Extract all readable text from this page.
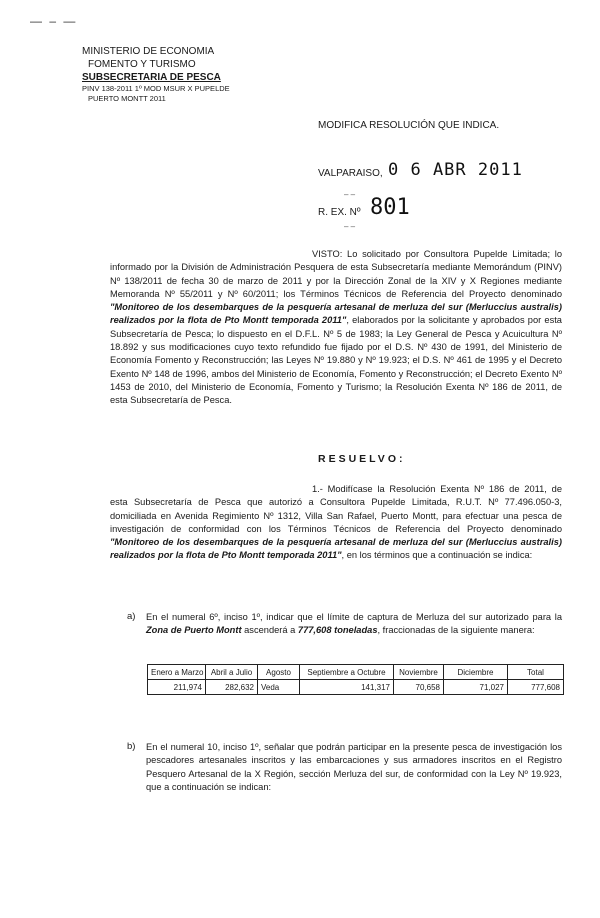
— – —
MINISTERIO DE ECONOMIA
FOMENTO Y TURISMO
SUBSECRETARIA DE PESCA
PINV 138-2011 1º MOD MSUR X PUPELDE
PUERTO MONTT 2011
MODIFICA RESOLUCIÓN QUE INDICA.
VALPARAISO, 0 6 ABR 2011
– –
R. EX. Nº 801
– –

VISTO: Lo solicitado por Consultora Pupelde Limitada; lo informado por la División de Administración Pesquera de esta Subsecretaría mediante Memorándum (PINV) Nº 138/2011 de fecha 30 de marzo de 2011 y por la Dirección Zonal de la XIV y X Regiones mediante Memoranda Nº 55/2011 y Nº 60/2011; los Términos Técnicos de Referencia del Proyecto denominado "Monitoreo de los desembarques de la pesquería artesanal de merluza del sur (Merluccius australis) realizados por la flota de Pto Montt temporada 2011", elaborados por la solicitante y aprobados por esta Subsecretaría de Pesca; lo dispuesto en el D.F.L. Nº 5 de 1983; la Ley General de Pesca y Acuicultura Nº 18.892 y sus modificaciones cuyo texto refundido fue fijado por el D.S. Nº 430 de 1991, del Ministerio de Economía Fomento y Reconstrucción; las Leyes Nº 19.880 y Nº 19.923; el D.S. Nº 461 de 1995 y el Decreto Exento Nº 148 de 1996, ambos del Ministerio de Economía, Fomento y Reconstrucción; el Decreto Exento Nº 1453 de 2010, del Ministerio de Economía, Fomento y Turismo; la Resolución Exenta Nº 186 de 2011, de esta Subsecretaría de Pesca.

RESUELVO:

1.- Modifícase la Resolución Exenta Nº 186 de 2011, de esta Subsecretaría de Pesca que autorizó a Consultora Pupelde Limitada, R.U.T. Nº 77.496.050-3, domiciliada en Avenida Regimiento Nº 1312, Villa San Rafael, Puerto Montt, para efectuar una pesca de investigación de conformidad con los Términos Técnicos de Referencia del Proyecto denominado "Monitoreo de los desembarques de la pesquería artesanal de merluza del sur (Merluccius australis) realizados por la flota de Pto Montt temporada 2011", en los términos que a continuación se indica:

a) En el numeral 6º, inciso 1º, indicar que el límite de captura de Merluza del sur autorizado para la Zona de Puerto Montt ascenderá a 777,608 toneladas, fraccionadas de la siguiente manera:

Enero a Marzo	Abril a Julio	Agosto	Septiembre a Octubre	Noviembre	Diciembre	Total
211,974	282,632	Veda	141,317	70,658	71,027	777,608
b) En el numeral 10, inciso 1º, señalar que podrán participar en la presente pesca de investigación los pescadores artesanales inscritos y las embarcaciones y sus armadores inscritos en el Registro Pesquero Artesanal de la X Región, sección Merluza del sur, de conformidad con la Ley Nº 19.923, que a continuación se indican:
